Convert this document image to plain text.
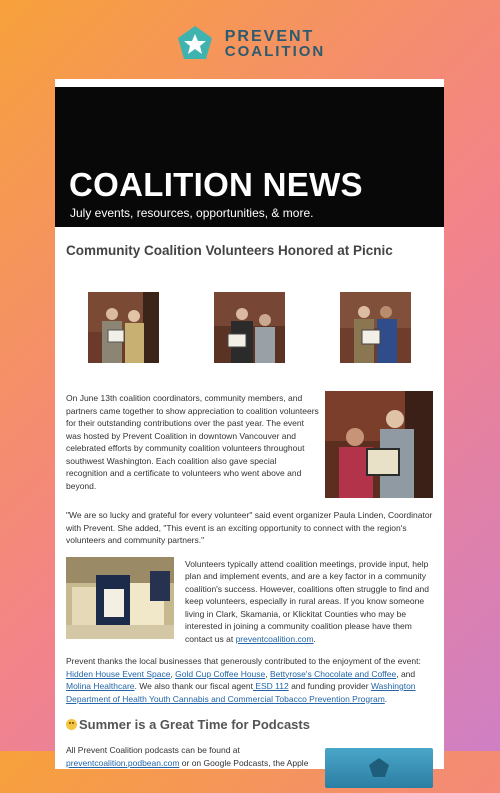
PREVENT
COALITION
COALITION NEWS
July events, resources, opportunities, & more.
Community Coalition Volunteers Honored at Picnic
On June 13th coalition coordinators, community members, and partners came together to show appreciation to coalition volunteers for their outstanding contributions over the past year. The event was hosted by Prevent Coalition in downtown Vancouver and celebrated efforts by community coalition volunteers throughout southwest Washington. Each coalition also gave special recognition and a certificate to volunteers who went above and beyond.
"We are so lucky and grateful for every volunteer" said event organizer Paula Linden, Coordinator with Prevent. She added, "This event is an exciting opportunity to connect with the region's volunteers and community partners."
Volunteers typically attend coalition meetings, provide input, help plan and implement events, and are a key factor in a community coalition's success. However, coalitions often struggle to find and keep volunteers, especially in rural areas. If you know someone living in Clark, Skamania, or Klickitat Counties who may be interested in joining a community coalition please have them contact us at preventcoalition.com.
Prevent thanks the local businesses that generously contributed to the enjoyment of the event: Hidden House Event Space, Gold Cup Coffee House, Bettyrose's Chocolate and Coffee, and Molina Healthcare. We also thank our fiscal agent ESD 112 and funding provider Washington Department of Health Youth Cannabis and Commercial Tobacco Prevention Program.
Summer is a Great Time for Podcasts
All Prevent Coalition podcasts can be found at preventcoalition.podbean.com or on Google Podcasts, the Apple
